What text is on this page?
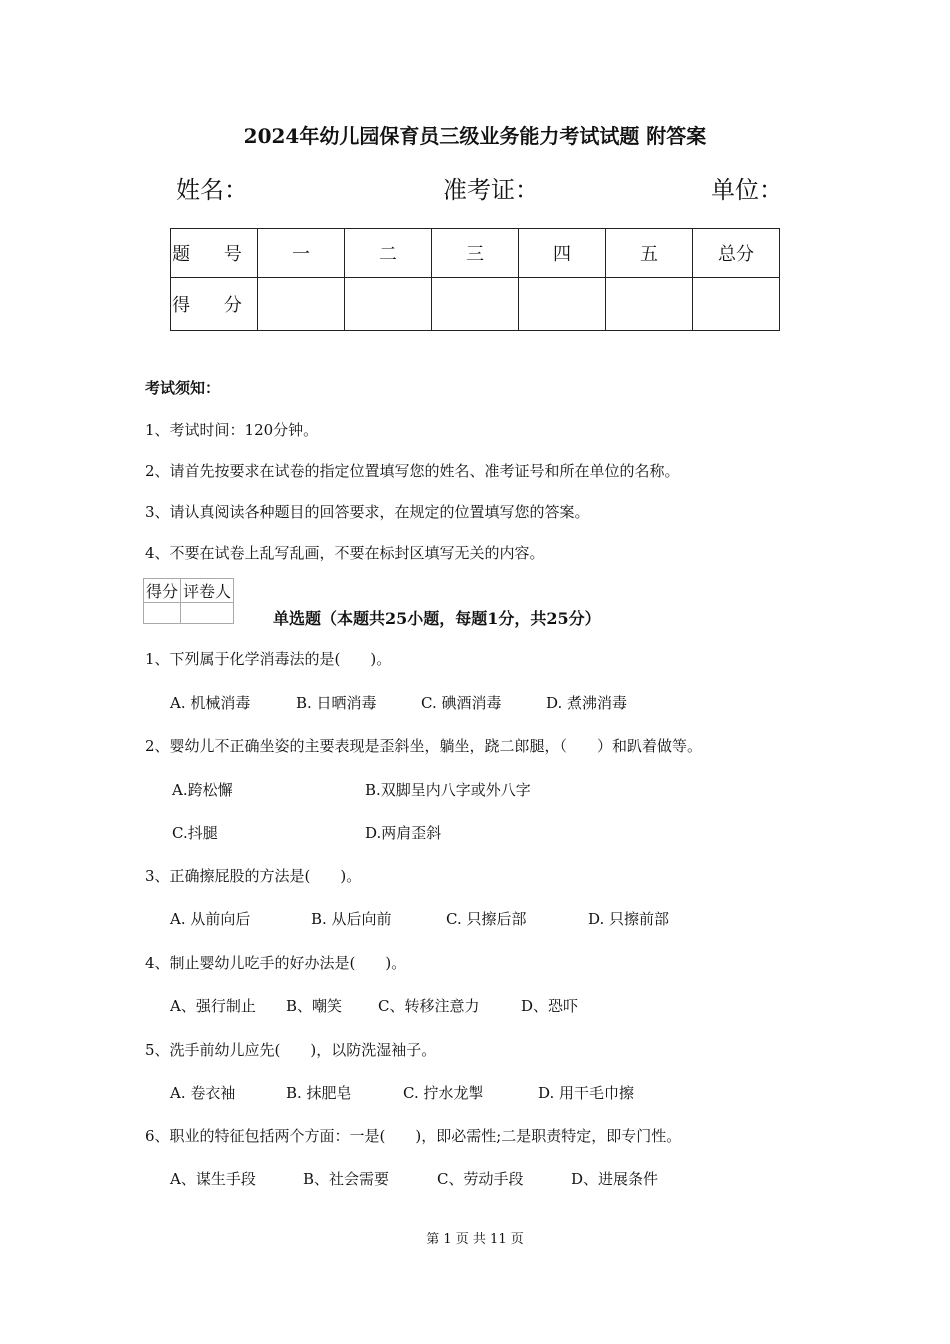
2024年幼儿园保育员三级业务能力考试试题 附答案
姓名：	准考证：	单位：
题 号	一	二	三	四	五	总分
得 分						
考试须知：
1、考试时间：120分钟。
2、请首先按要求在试卷的指定位置填写您的姓名、准考证号和所在单位的名称。
3、请认真阅读各种题目的回答要求，在规定的位置填写您的答案。
4、不要在试卷上乱写乱画，不要在标封区填写无关的内容。
得分	评卷人

单选题（本题共25小题，每题1分，共25分）
1、下列属于化学消毒法的是(　　)。
A. 机械消毒	B. 日晒消毒	C. 碘酒消毒	D. 煮沸消毒
2、婴幼儿不正确坐姿的主要表现是歪斜坐，躺坐，跷二郎腿，（　　）和趴着做等。
A.跨松懈	B.双脚呈内八字或外八字
C.抖腿	D.两肩歪斜
3、正确擦屁股的方法是(　　)。
A. 从前向后	B. 从后向前	C. 只擦后部	D. 只擦前部
4、制止婴幼儿吃手的好办法是(　　)。
A、强行制止 B、嘲笑 C、转移注意力	D、恐吓
5、洗手前幼儿应先(　　)，以防洗湿袖子。
A. 卷衣袖	B. 抹肥皂	C. 拧水龙掣	D. 用干毛巾擦
6、职业的特征包括两个方面：一是(　　)，即必需性;二是职责特定，即专门性。
A、谋生手段	B、社会需要	C、劳动手段	D、进展条件
第 1 页 共 11 页
